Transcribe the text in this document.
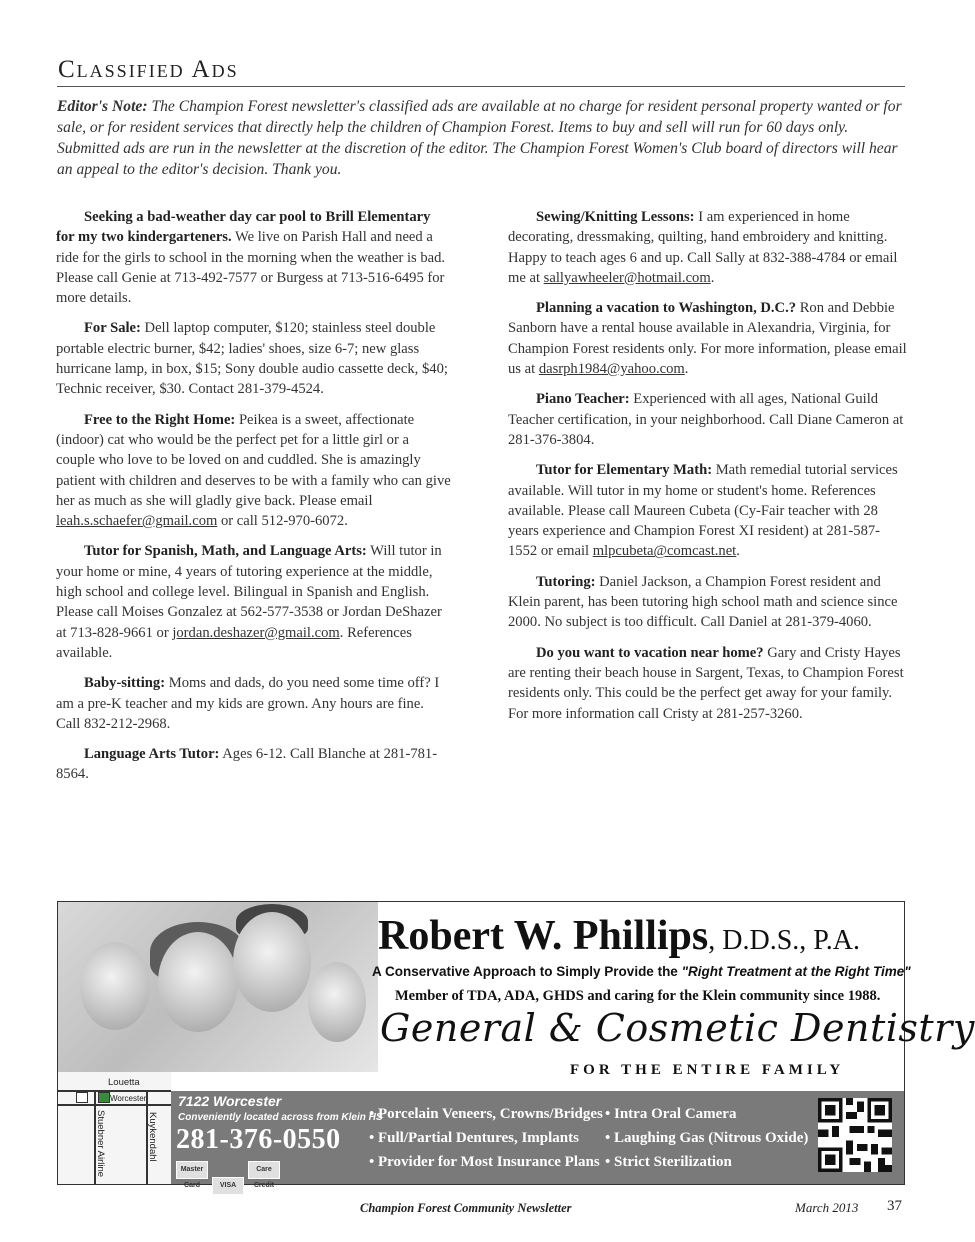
Classified Ads
Editor's Note: The Champion Forest newsletter's classified ads are available at no charge for resident personal property wanted or for sale, or for resident services that directly help the children of Champion Forest. Items to buy and sell will run for 60 days only. Submitted ads are run in the newsletter at the discretion of the editor. The Champion Forest Women's Club board of directors will hear an appeal to the editor's decision. Thank you.

Seeking a bad-weather day car pool to Brill Elementary for my two kindergarteners. We live on Parish Hall and need a ride for the girls to school in the morning when the weather is bad. Please call Genie at 713-492-7577 or Burgess at 713-516-6495 for more details.

For Sale: Dell laptop computer, $120; stainless steel double portable electric burner, $42; ladies' shoes, size 6-7; new glass hurricane lamp, in box, $15; Sony double audio cassette deck, $40; Technic receiver, $30. Contact 281-379-4524.

Free to the Right Home: Peikea is a sweet, affectionate (indoor) cat who would be the perfect pet for a little girl or a couple who love to be loved on and cuddled. She is amazingly patient with children and deserves to be with a family who can give her as much as she will gladly give back. Please email leah.s.schaefer@gmail.com or call 512-970-6072.

Tutor for Spanish, Math, and Language Arts: Will tutor in your home or mine, 4 years of tutoring experience at the middle, high school and college level. Bilingual in Spanish and English. Please call Moises Gonzalez at 562-577-3538 or Jordan DeShazer at 713-828-9661 or jordan.deshazer@gmail.com. References available.

Baby-sitting: Moms and dads, do you need some time off? I am a pre-K teacher and my kids are grown. Any hours are fine. Call 832-212-2968.

Language Arts Tutor: Ages 6-12. Call Blanche at 281-781-8564.

Sewing/Knitting Lessons: I am experienced in home decorating, dressmaking, quilting, hand embroidery and knitting. Happy to teach ages 6 and up. Call Sally at 832-388-4784 or email me at sallyawheeler@hotmail.com.

Planning a vacation to Washington, D.C.? Ron and Debbie Sanborn have a rental house available in Alexandria, Virginia, for Champion Forest residents only. For more information, please email us at dasrph1984@yahoo.com.

Piano Teacher: Experienced with all ages, National Guild Teacher certification, in your neighborhood. Call Diane Cameron at 281-376-3804.

Tutor for Elementary Math: Math remedial tutorial services available. Will tutor in my home or student's home. References available. Please call Maureen Cubeta (Cy-Fair teacher with 28 years experience and Champion Forest XI resident) at 281-587-1552 or email mlpcubeta@comcast.net.

Tutoring: Daniel Jackson, a Champion Forest resident and Klein parent, has been tutoring high school math and science since 2000. No subject is too difficult. Call Daniel at 281-379-4060.

Do you want to vacation near home? Gary and Cristy Hayes are renting their beach house in Sargent, Texas, to Champion Forest residents only. This could be the perfect get away for your family. For more information call Cristy at 281-257-3260.

Robert W. Phillips, D.D.S., P.A.
A Conservative Approach to Simply Provide the "Right Treatment at the Right Time"
Member of TDA, ADA, GHDS and caring for the Klein community since 1988.
General & Cosmetic Dentistry
FOR THE ENTIRE FAMILY
Louetta
Worcester
Stuebner Airline	Kuykendahl
7122 Worcester
Conveniently located across from Klein HS
281-376-0550
Master Card	VISACare Credit
• Porcelain Veneers, Crowns/Bridges
• Full/Partial Dentures, Implants
• Provider for Most Insurance Plans
• Intra Oral Camera
• Laughing Gas (Nitrous Oxide)
• Strict Sterilization
Champion Forest Community Newsletter	March 2013 37
